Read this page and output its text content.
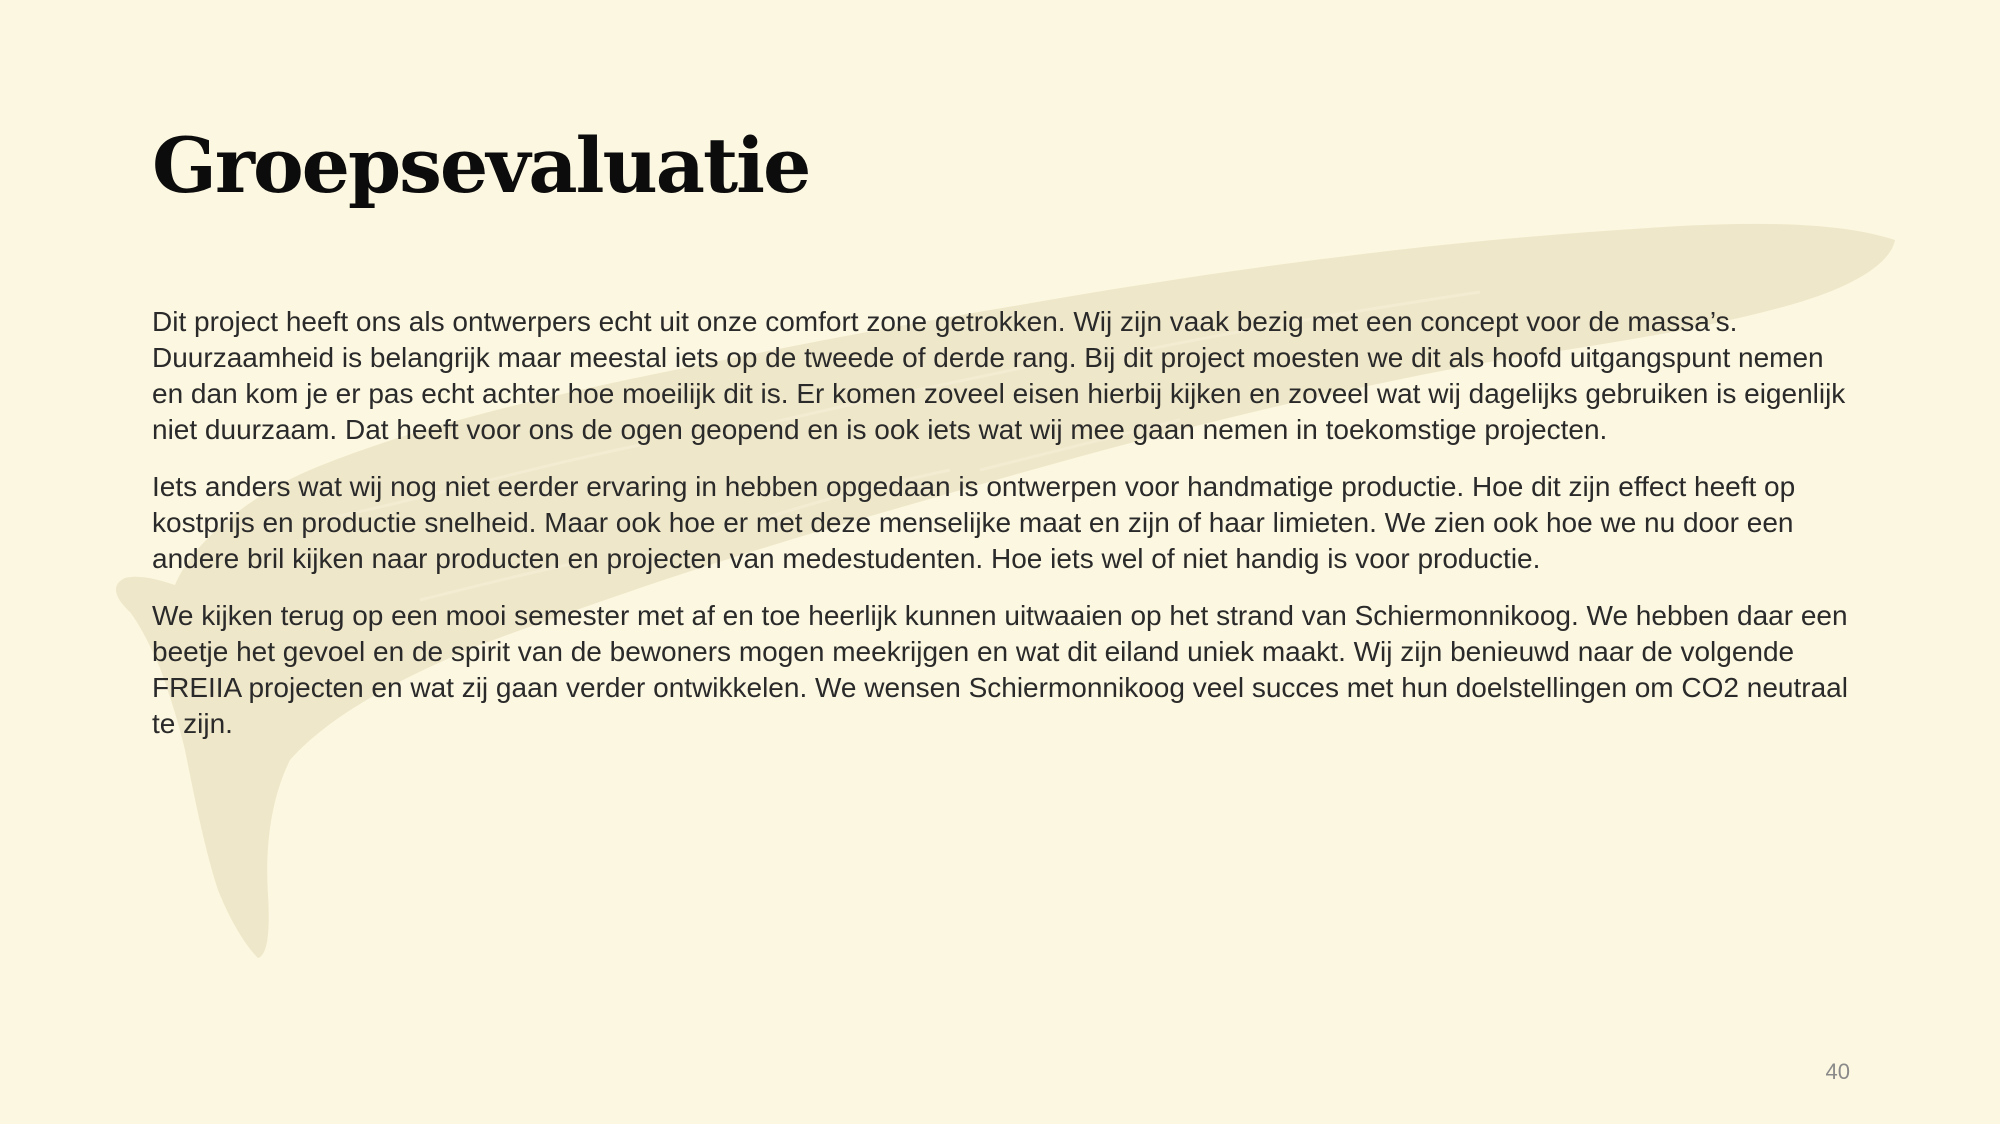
Groepsevaluatie

Dit project heeft ons als ontwerpers echt uit onze comfort zone getrokken. Wij zijn vaak bezig met een concept voor de massa’s. Duurzaamheid is belangrijk maar meestal iets op de tweede of derde rang. Bij dit project moesten we dit als hoofd uitgangspunt nemen en dan kom je er pas echt achter hoe moeilijk dit is. Er komen zoveel eisen hierbij kijken en zoveel wat wij dagelijks gebruiken is eigenlijk niet duurzaam. Dat heeft voor ons de ogen geopend en is ook iets wat wij mee gaan nemen in toekomstige projecten.

Iets anders wat wij nog niet eerder ervaring in hebben opgedaan is ontwerpen voor handmatige productie. Hoe dit zijn effect heeft op kostprijs en productie snelheid. Maar ook hoe er met deze menselijke maat en zijn of haar limieten. We zien ook hoe we nu door een andere bril kijken naar producten en projecten van medestudenten. Hoe iets wel of niet handig is voor productie.

We kijken terug op een mooi semester met af en toe heerlijk kunnen uitwaaien op het strand van Schiermonnikoog. We hebben daar een beetje het gevoel en de spirit van de bewoners mogen meekrijgen en wat dit eiland uniek maakt. Wij zijn benieuwd naar de volgende FREIIA projecten en wat zij gaan verder ontwikkelen. We wensen Schiermonnikoog veel succes met hun doelstellingen om CO2 neutraal te zijn.

40
